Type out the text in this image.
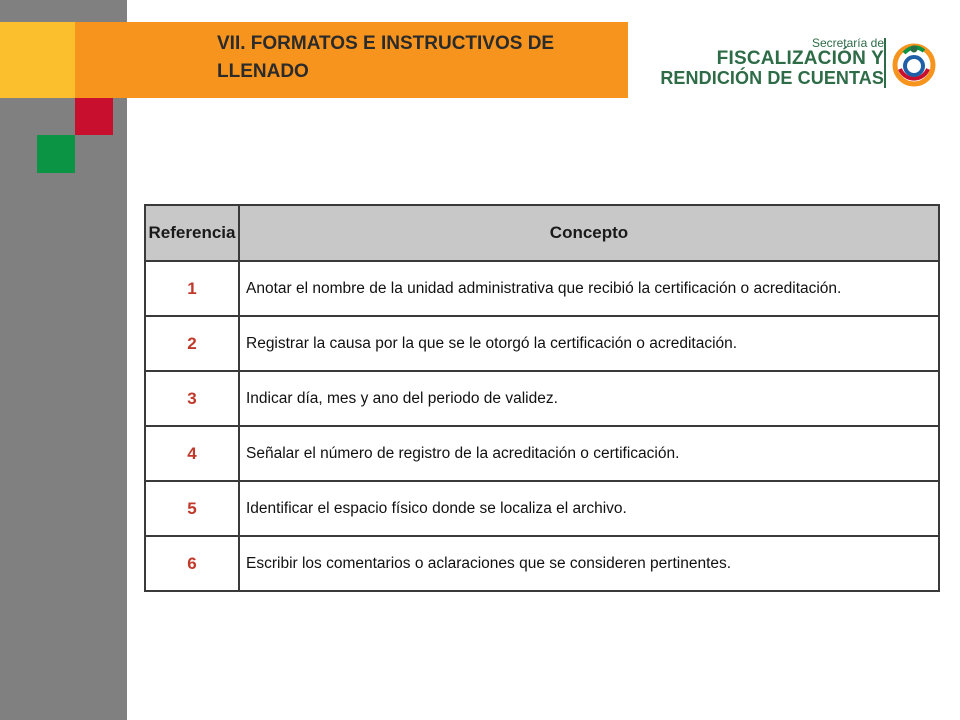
VII. FORMATOS E INSTRUCTIVOS DE LLENADO
Secretaría de
FISCALIZACIÓN Y
RENDICIÓN DE CUENTAS
Referencia	Concepto
1	Anotar el nombre de la unidad administrativa que recibió la certificación o acreditación.
2	Registrar la causa por la que se le otorgó la certificación o acreditación.
3	Indicar día, mes y ano del periodo de validez.
4	Señalar el número de registro de la acreditación o certificación.
5	Identificar el espacio físico donde se localiza el archivo.
6	Escribir los comentarios o aclaraciones que se consideren pertinentes.
